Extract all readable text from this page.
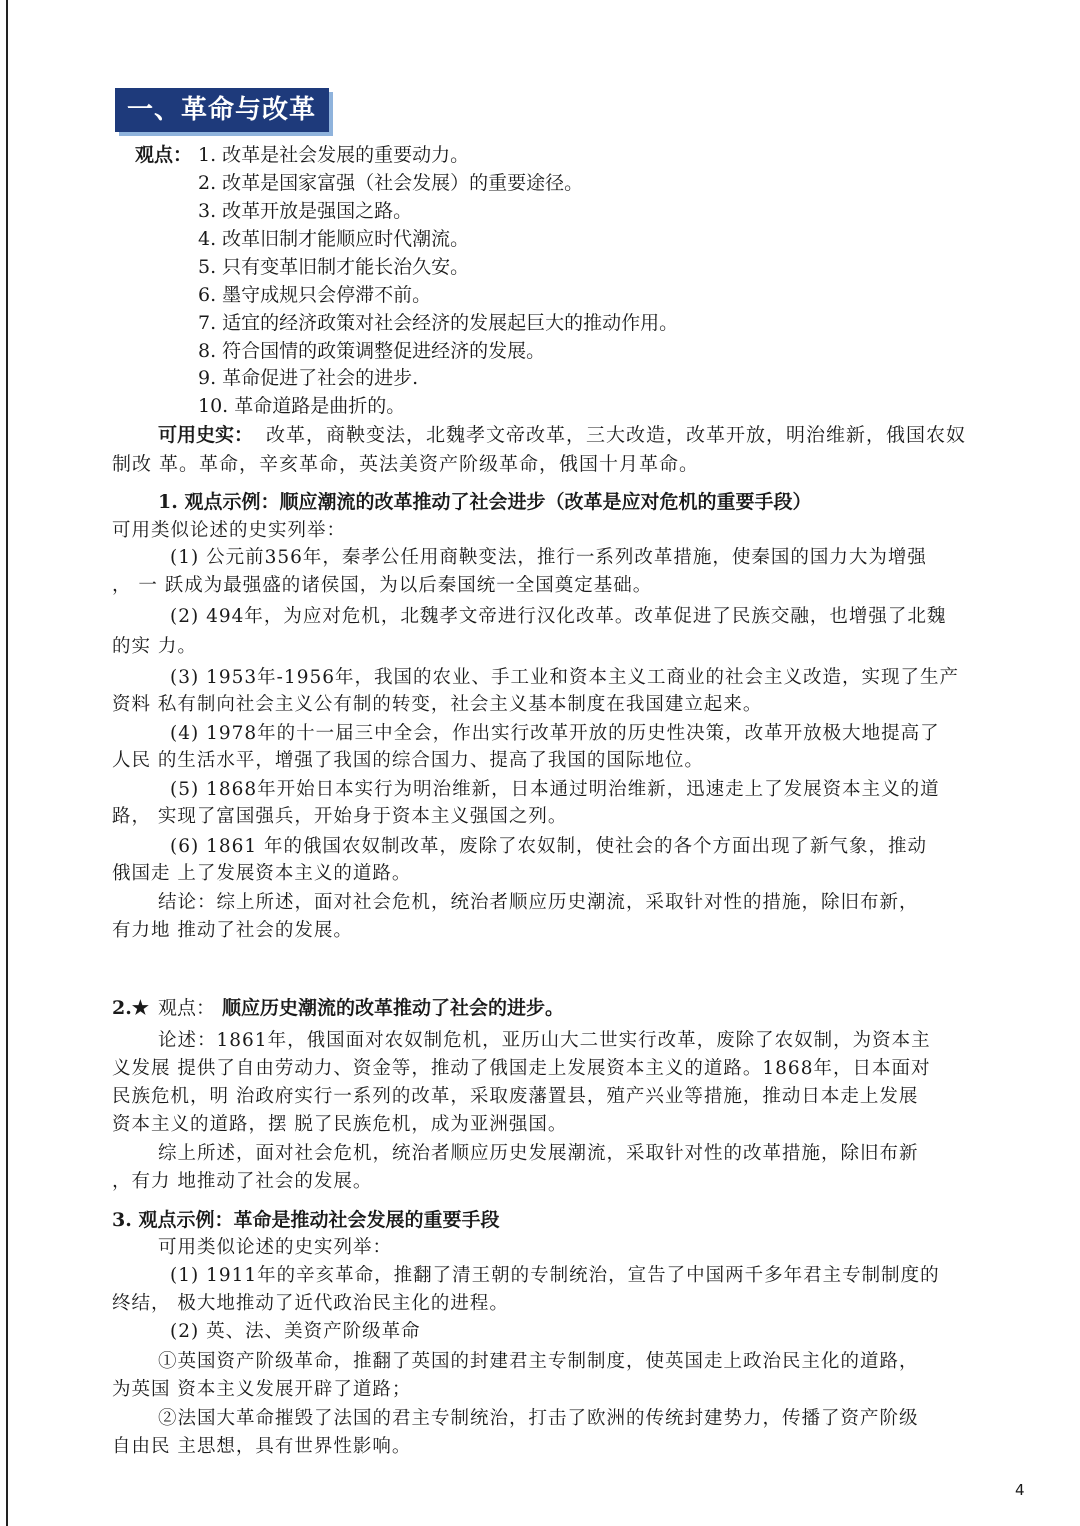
一、革命与改革
观点： 1. 改革是社会发展的重要动力。
2. 改革是国家富强（社会发展）的重要途径。
3. 改革开放是强国之路。
4. 改革旧制才能顺应时代潮流。
5. 只有变革旧制才能长治久安。
6. 墨守成规只会停滞不前。
7. 适宜的经济政策对社会经济的发展起巨大的推动作用。
8. 符合国情的政策调整促进经济的发展。
9. 革命促进了社会的进步.
10. 革命道路是曲折的。
可用史实： 改革，商鞅变法，北魏孝文帝改革，三大改造，改革开放，明治维新，俄国农奴
制改 革。革命，辛亥革命，英法美资产阶级革命，俄国十月革命。
1. 观点示例：顺应潮流的改革推动了社会进步（改革是应对危机的重要手段）
可用类似论述的史实列举：
(1) 公元前356年，秦孝公任用商鞅变法，推行一系列改革措施，使秦国的国力大为增强
， 一 跃成为最强盛的诸侯国，为以后秦国统一全国奠定基础。
(2) 494年，为应对危机，北魏孝文帝进行汉化改革。改革促进了民族交融，也增强了北魏
的实 力。
(3) 1953年-1956年，我国的农业、手工业和资本主义工商业的社会主义改造，实现了生产
资料 私有制向社会主义公有制的转变，社会主义基本制度在我国建立起来。
(4) 1978年的十一届三中全会，作出实行改革开放的历史性决策，改革开放极大地提高了
人民 的生活水平，增强了我国的综合国力、提高了我国的国际地位。
(5) 1868年开始日本实行为明治维新，日本通过明治维新，迅速走上了发展资本主义的道
路， 实现了富国强兵，开始身于资本主义强国之列。
(6) 1861 年的俄国农奴制改革，废除了农奴制，使社会的各个方面出现了新气象，推动
俄国走 上了发展资本主义的道路。
结论：综上所述，面对社会危机，统治者顺应历史潮流，采取针对性的措施，除旧布新，
有力地 推动了社会的发展。
2.★ 观点： 顺应历史潮流的改革推动了社会的进步。
论述：1861年，俄国面对农奴制危机，亚历山大二世实行改革，废除了农奴制，为资本主
义发展 提供了自由劳动力、资金等，推动了俄国走上发展资本主义的道路。1868年，日本面对
民族危机，明 治政府实行一系列的改革，采取废藩置县，殖产兴业等措施，推动日本走上发展
资本主义的道路，摆 脱了民族危机，成为亚洲强国。
综上所述，面对社会危机，统治者顺应历史发展潮流，采取针对性的改革措施，除旧布新
，有力 地推动了社会的发展。
3. 观点示例：革命是推动社会发展的重要手段
可用类似论述的史实列举：
(1) 1911年的辛亥革命，推翻了清王朝的专制统治，宣告了中国两千多年君主专制制度的
终结， 极大地推动了近代政治民主化的进程。
(2) 英、法、美资产阶级革命
①英国资产阶级革命，推翻了英国的封建君主专制制度，使英国走上政治民主化的道路，
为英国 资本主义发展开辟了道路；
②法国大革命摧毁了法国的君主专制统治，打击了欧洲的传统封建势力，传播了资产阶级
自由民 主思想，具有世界性影响。
4
